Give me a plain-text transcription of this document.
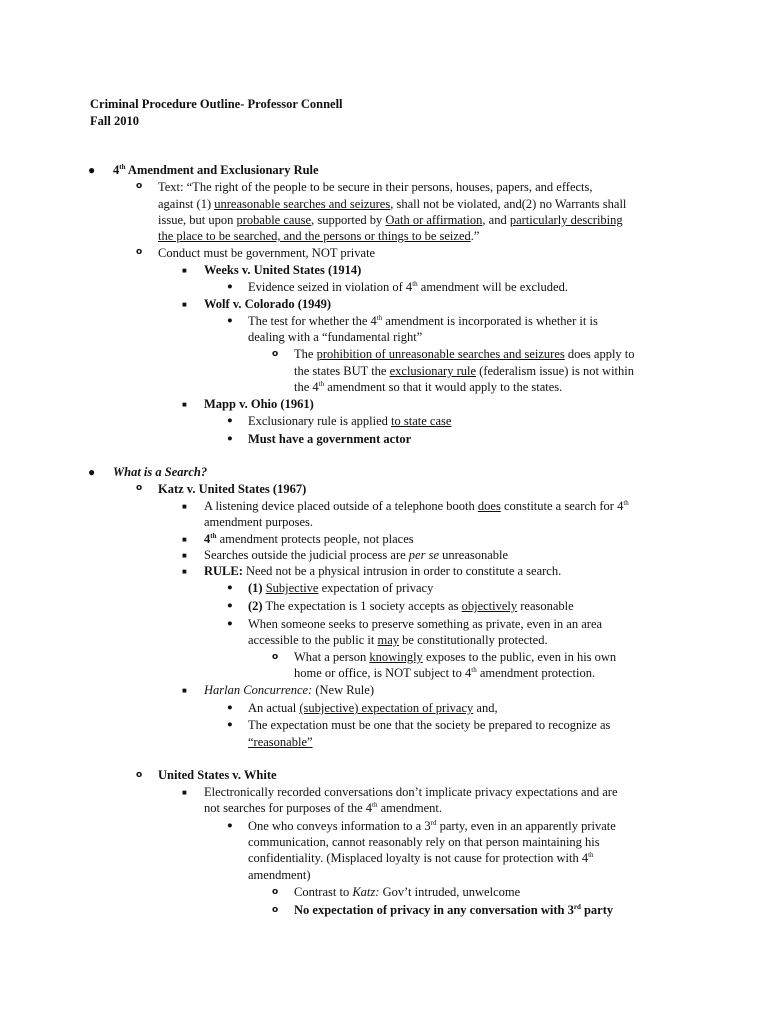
Criminal Procedure Outline- Professor Connell
Fall 2010
● 4th Amendment and Exclusionary Rule
o Text: “The right of the people to be secure in their persons, houses, papers, and effects,
against (1) unreasonable searches and seizures, shall not be violated, and(2) no Warrants shall
issue, but upon probable cause, supported by Oath or affirmation, and particularly describing
the place to be searched, and the persons or things to be seized.”
o Conduct must be government, NOT private
■ Weeks v. United States (1914)
● Evidence seized in violation of 4th amendment will be excluded.
■ Wolf v. Colorado (1949)
● The test for whether the 4th amendment is incorporated is whether it is
dealing with a “fundamental right”
o The prohibition of unreasonable searches and seizures does apply to
the states BUT the exclusionary rule (federalism issue) is not within
the 4th amendment so that it would apply to the states.
■ Mapp v. Ohio (1961)
● Exclusionary rule is applied to state case
● Must have a government actor
● What is a Search?
o Katz v. United States (1967)
■ A listening device placed outside of a telephone booth does constitute a search for 4th
amendment purposes.
■ 4th amendment protects people, not places
■ Searches outside the judicial process are per se unreasonable
■ RULE: Need not be a physical intrusion in order to constitute a search.
● (1) Subjective expectation of privacy
● (2) The expectation is 1 society accepts as objectively reasonable
● When someone seeks to preserve something as private, even in an area
accessible to the public it may be constitutionally protected.
o What a person knowingly exposes to the public, even in his own
home or office, is NOT subject to 4th amendment protection.
■ Harlan Concurrence: (New Rule)
● An actual (subjective) expectation of privacy and,
● The expectation must be one that the society be prepared to recognize as
“reasonable”
o United States v. White
■ Electronically recorded conversations don’t implicate privacy expectations and are
not searches for purposes of the 4th amendment.
● One who conveys information to a 3rd party, even in an apparently private
communication, cannot reasonably rely on that person maintaining his
confidentiality. (Misplaced loyalty is not cause for protection with 4th
amendment)
o Contrast to Katz: Gov’t intruded, unwelcome
o No expectation of privacy in any conversation with 3rd party
